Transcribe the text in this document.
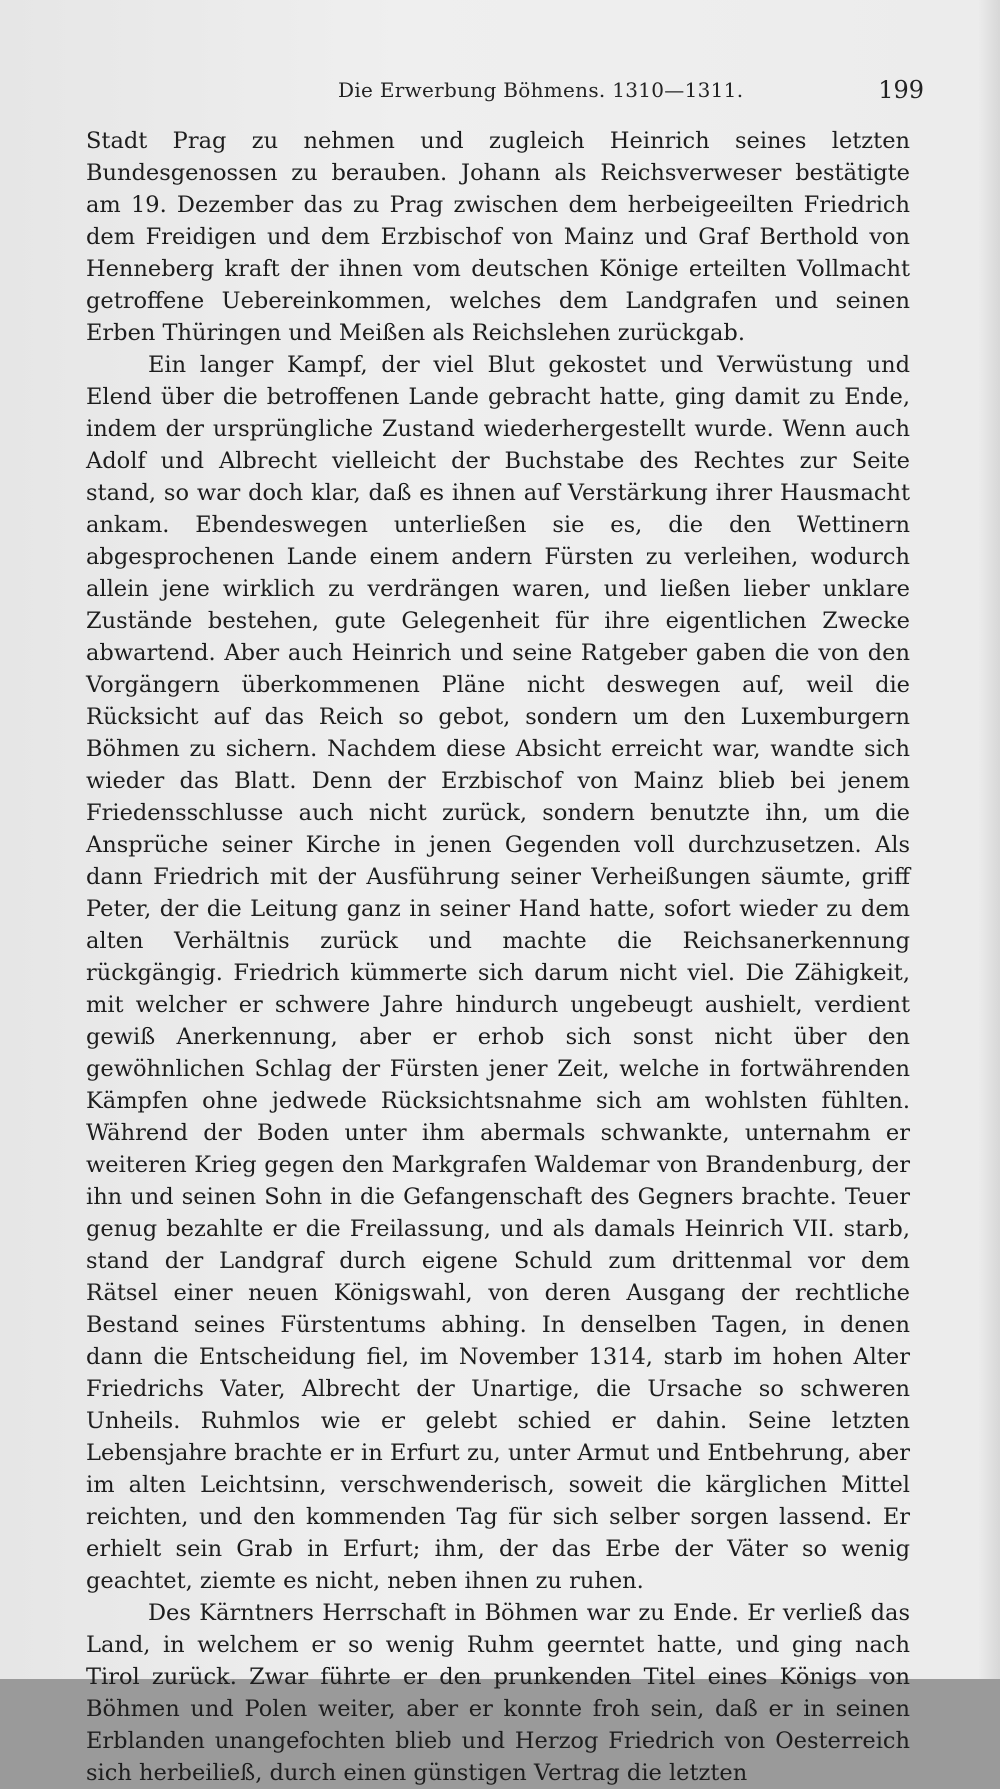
Die Erwerbung Böhmens. 1310—1311.	199

Stadt Prag zu nehmen und zugleich Heinrich seines letzten Bundesgenossen zu berauben. Johann als Reichsverweser bestätigte am 19. Dezember das zu Prag zwischen dem herbeigeeilten Friedrich dem Freidigen und dem Erzbischof von Mainz und Graf Berthold von Henneberg kraft der ihnen vom deutschen Könige erteilten Vollmacht getroffene Uebereinkommen, welches dem Landgrafen und seinen Erben Thüringen und Meißen als Reichslehen zurückgab.

Ein langer Kampf, der viel Blut gekostet und Verwüstung und Elend über die betroffenen Lande gebracht hatte, ging damit zu Ende, indem der ursprüngliche Zustand wiederhergestellt wurde. Wenn auch Adolf und Albrecht vielleicht der Buchstabe des Rechtes zur Seite stand, so war doch klar, daß es ihnen auf Verstärkung ihrer Hausmacht ankam. Ebendeswegen unterließen sie es, die den Wettinern abgesprochenen Lande einem andern Fürsten zu verleihen, wodurch allein jene wirklich zu verdrängen waren, und ließen lieber unklare Zustände bestehen, gute Gelegenheit für ihre eigentlichen Zwecke abwartend. Aber auch Heinrich und seine Ratgeber gaben die von den Vorgängern überkommenen Pläne nicht deswegen auf, weil die Rücksicht auf das Reich so gebot, sondern um den Luxemburgern Böhmen zu sichern. Nachdem diese Absicht erreicht war, wandte sich wieder das Blatt. Denn der Erzbischof von Mainz blieb bei jenem Friedensschlusse auch nicht zurück, sondern benutzte ihn, um die Ansprüche seiner Kirche in jenen Gegenden voll durchzusetzen. Als dann Friedrich mit der Ausführung seiner Verheißungen säumte, griff Peter, der die Leitung ganz in seiner Hand hatte, sofort wieder zu dem alten Verhältnis zurück und machte die Reichsanerkennung rückgängig. Friedrich kümmerte sich darum nicht viel. Die Zähigkeit, mit welcher er schwere Jahre hindurch ungebeugt aushielt, verdient gewiß Anerkennung, aber er erhob sich sonst nicht über den gewöhnlichen Schlag der Fürsten jener Zeit, welche in fortwährenden Kämpfen ohne jedwede Rücksichtsnahme sich am wohlsten fühlten. Während der Boden unter ihm abermals schwankte, unternahm er weiteren Krieg gegen den Markgrafen Waldemar von Brandenburg, der ihn und seinen Sohn in die Gefangenschaft des Gegners brachte. Teuer genug bezahlte er die Freilassung, und als damals Heinrich VII. starb, stand der Landgraf durch eigene Schuld zum drittenmal vor dem Rätsel einer neuen Königswahl, von deren Ausgang der rechtliche Bestand seines Fürstentums abhing. In denselben Tagen, in denen dann die Entscheidung fiel, im November 1314, starb im hohen Alter Friedrichs Vater, Albrecht der Unartige, die Ursache so schweren Unheils. Ruhmlos wie er gelebt schied er dahin. Seine letzten Lebensjahre brachte er in Erfurt zu, unter Armut und Entbehrung, aber im alten Leichtsinn, verschwenderisch, soweit die kärglichen Mittel reichten, und den kommenden Tag für sich selber sorgen lassend. Er erhielt sein Grab in Erfurt; ihm, der das Erbe der Väter so wenig geachtet, ziemte es nicht, neben ihnen zu ruhen.

Des Kärntners Herrschaft in Böhmen war zu Ende. Er verließ das Land, in welchem er so wenig Ruhm geerntet hatte, und ging nach Tirol zurück. Zwar führte er den prunkenden Titel eines Königs von Böhmen und Polen weiter, aber er konnte froh sein, daß er in seinen Erblanden unangefochten blieb und Herzog Friedrich von Oesterreich sich herbeiließ, durch einen günstigen Vertrag die letzten
